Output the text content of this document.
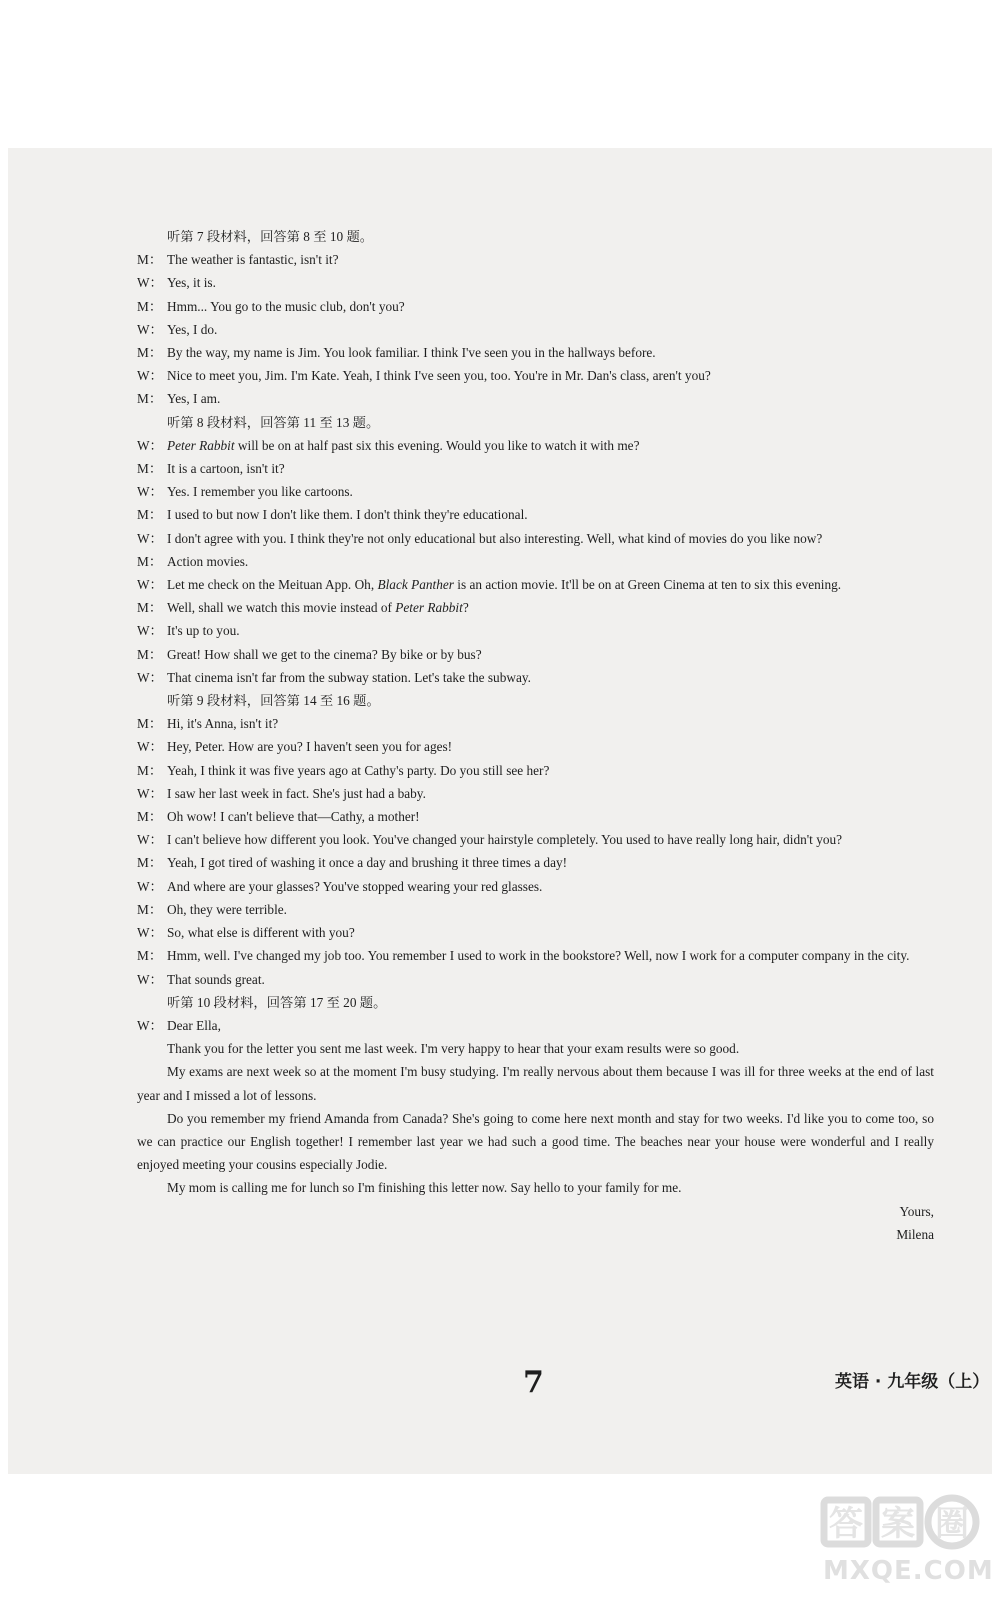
听第 7 段材料，回答第 8 至 10 题。
M： The weather is fantastic, isn't it?
W： Yes, it is.
M： Hmm... You go to the music club, don't you?
W： Yes, I do.
M： By the way, my name is Jim. You look familiar. I think I've seen you in the hallways before.
W： Nice to meet you, Jim. I'm Kate. Yeah, I think I've seen you, too. You're in Mr. Dan's class, aren't you?
M： Yes, I am.
听第 8 段材料，回答第 11 至 13 题。
W： Peter Rabbit will be on at half past six this evening. Would you like to watch it with me?
M： It is a cartoon, isn't it?
W： Yes. I remember you like cartoons.
M： I used to but now I don't like them. I don't think they're educational.
W： I don't agree with you. I think they're not only educational but also interesting. Well, what kind of movies do you like now?
M： Action movies.
W： Let me check on the Meituan App. Oh, Black Panther is an action movie. It'll be on at Green Cinema at ten to six this evening.
M： Well, shall we watch this movie instead of Peter Rabbit?
W： It's up to you.
M： Great! How shall we get to the cinema? By bike or by bus?
W： That cinema isn't far from the subway station. Let's take the subway.
听第 9 段材料，回答第 14 至 16 题。
M： Hi, it's Anna, isn't it?
W： Hey, Peter. How are you? I haven't seen you for ages!
M： Yeah, I think it was five years ago at Cathy's party. Do you still see her?
W： I saw her last week in fact. She's just had a baby.
M： Oh wow! I can't believe that—Cathy, a mother!
W： I can't believe how different you look. You've changed your hairstyle completely. You used to have really long hair, didn't you?
M： Yeah, I got tired of washing it once a day and brushing it three times a day!
W： And where are your glasses? You've stopped wearing your red glasses.
M： Oh, they were terrible.
W： So, what else is different with you?
M： Hmm, well. I've changed my job too. You remember I used to work in the bookstore? Well, now I work for a computer company in the city.
W： That sounds great.
听第 10 段材料，回答第 17 至 20 题。
W： Dear Ella,
Thank you for the letter you sent me last week. I'm very happy to hear that your exam results were so good.
My exams are next week so at the moment I'm busy studying. I'm really nervous about them because I was ill for three weeks at the end of last year and I missed a lot of lessons.
Do you remember my friend Amanda from Canada? She's going to come here next month and stay for two weeks. I'd like you to come too, so we can practice our English together! I remember last year we had such a good time. The beaches near your house were wonderful and I really enjoyed meeting your cousins especially Jodie.
My mom is calling me for lunch so I'm finishing this letter now. Say hello to your family for me.
Yours,
Milena
7	英语 · 九年级（上）
答 案 圈
MXQE.COM
